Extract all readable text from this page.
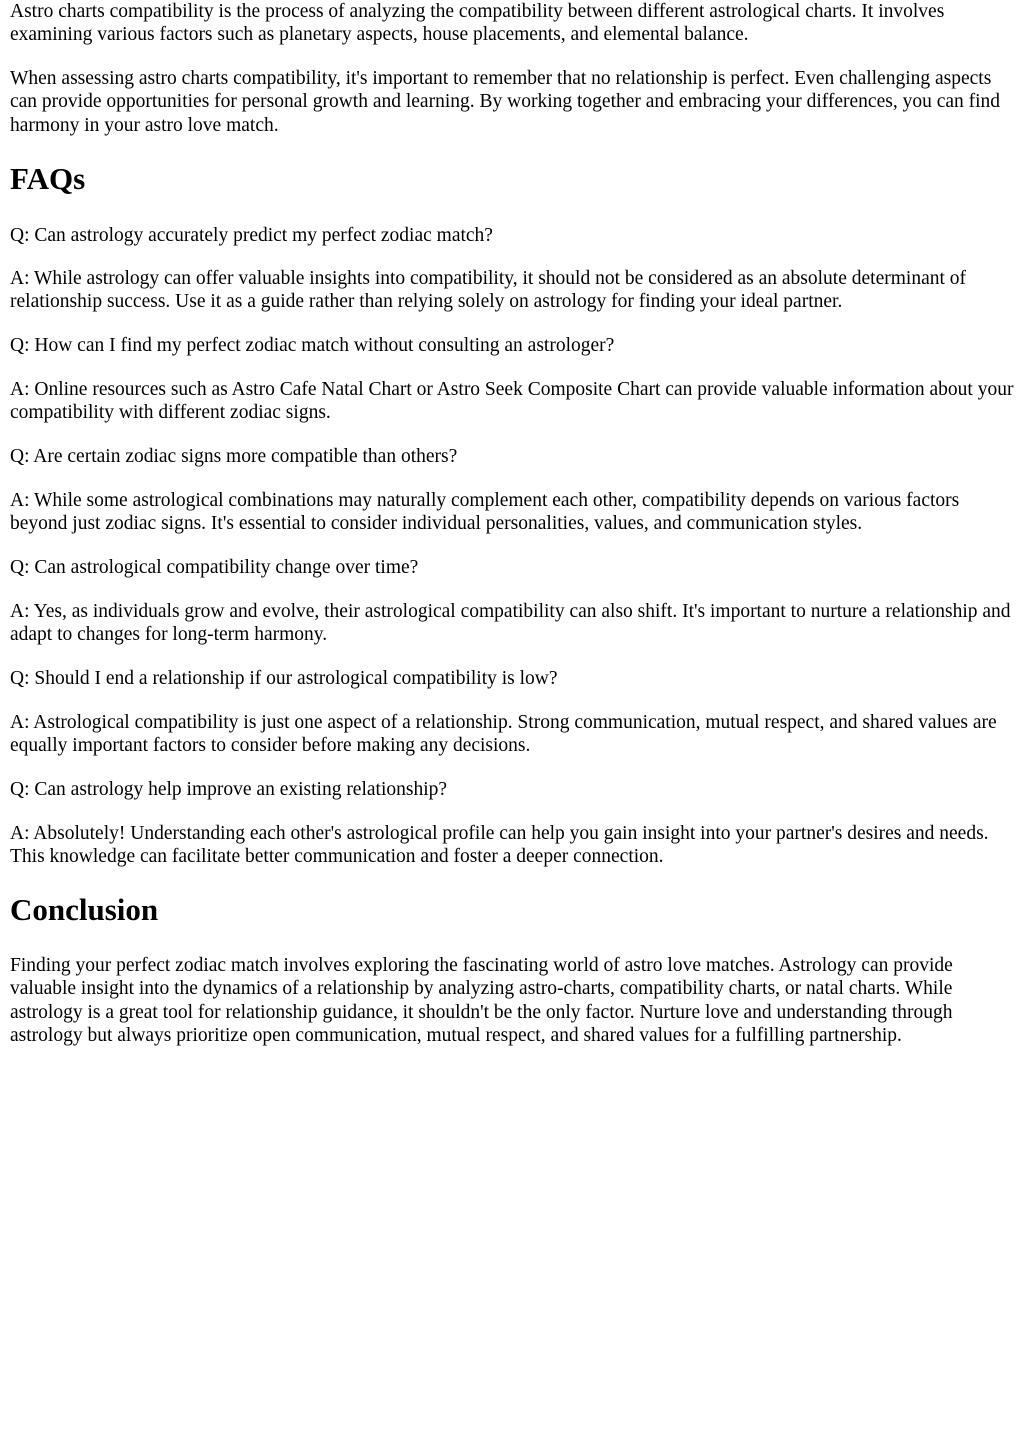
Astro charts compatibility is the process of analyzing the compatibility between different astrological charts. It involves examining various factors such as planetary aspects, house placements, and elemental balance.

When assessing astro charts compatibility, it's important to remember that no relationship is perfect. Even challenging aspects can provide opportunities for personal growth and learning. By working together and embracing your differences, you can find harmony in your astro love match.

FAQs

Q: Can astrology accurately predict my perfect zodiac match?

A: While astrology can offer valuable insights into compatibility, it should not be considered as an absolute determinant of relationship success. Use it as a guide rather than relying solely on astrology for finding your ideal partner.

Q: How can I find my perfect zodiac match without consulting an astrologer?

A: Online resources such as Astro Cafe Natal Chart or Astro Seek Composite Chart can provide valuable information about your compatibility with different zodiac signs.

Q: Are certain zodiac signs more compatible than others?

A: While some astrological combinations may naturally complement each other, compatibility depends on various factors beyond just zodiac signs. It's essential to consider individual personalities, values, and communication styles.

Q: Can astrological compatibility change over time?

A: Yes, as individuals grow and evolve, their astrological compatibility can also shift. It's important to nurture a relationship and adapt to changes for long-term harmony.

Q: Should I end a relationship if our astrological compatibility is low?

A: Astrological compatibility is just one aspect of a relationship. Strong communication, mutual respect, and shared values are equally important factors to consider before making any decisions.

Q: Can astrology help improve an existing relationship?

A: Absolutely! Understanding each other's astrological profile can help you gain insight into your partner's desires and needs. This knowledge can facilitate better communication and foster a deeper connection.

Conclusion

Finding your perfect zodiac match involves exploring the fascinating world of astro love matches. Astrology can provide valuable insight into the dynamics of a relationship by analyzing astro-charts, compatibility charts, or natal charts. While astrology is a great tool for relationship guidance, it shouldn't be the only factor. Nurture love and understanding through astrology but always prioritize open communication, mutual respect, and shared values for a fulfilling partnership.
